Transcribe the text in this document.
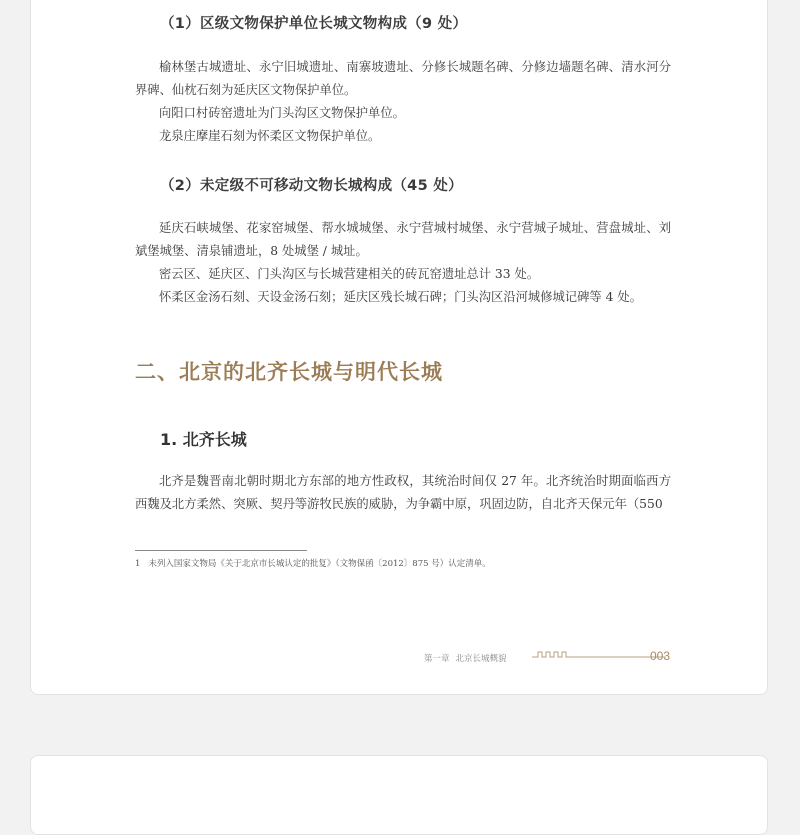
（1）区级文物保护单位长城文物构成（9 处）

榆林堡古城遗址、永宁旧城遗址、南寨坡遗址、分修长城题名碑、分修边墙题名碑、清水河分界碑、仙枕石刻为延庆区文物保护单位。

向阳口村砖窑遗址为门头沟区文物保护单位。

龙泉庄摩崖石刻为怀柔区文物保护单位。

（2）未定级不可移动文物长城构成（45 处）

延庆石峡城堡、花家窑城堡、帮水城城堡、永宁营城村城堡、永宁营城子城址、营盘城址、刘斌堡城堡、清泉铺遗址，8 处城堡 / 城址。

密云区、延庆区、门头沟区与长城营建相关的砖瓦窑遗址总计 33 处。

怀柔区金汤石刻、天设金汤石刻；延庆区残长城石碑；门头沟区沿河城修城记碑等 4 处。

二、北京的北齐长城与明代长城
1. 北齐长城

北齐是魏晋南北朝时期北方东部的地方性政权，其统治时间仅 27 年。北齐统治时期面临西方西魏及北方柔然、突厥、契丹等游牧民族的威胁，为争霸中原，巩固边防，自北齐天保元年（550

1 未列入国家文物局《关于北京市长城认定的批复》（文物保函〔2012〕875 号）认定清单。
第一章 北京长城概貌	003
